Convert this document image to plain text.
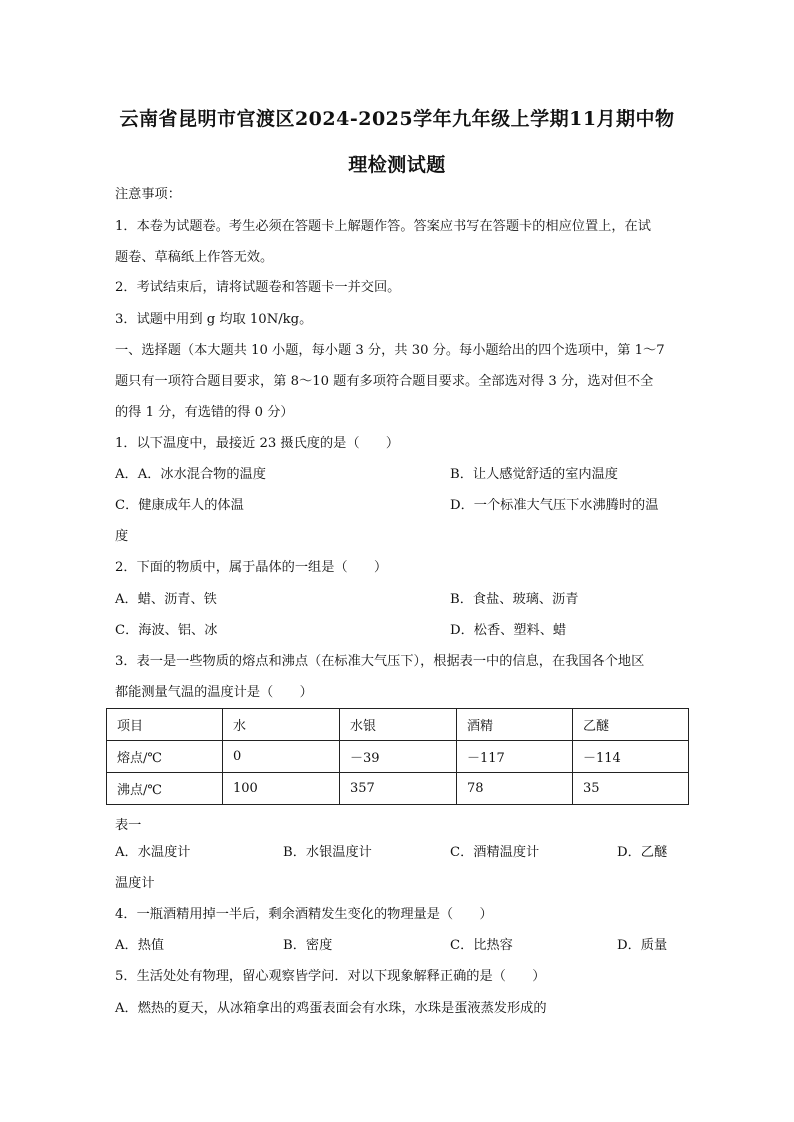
云南省昆明市官渡区2024-2025学年九年级上学期11月期中物
理检测试题
注意事项：
1．本卷为试题卷。考生必须在答题卡上解题作答。答案应书写在答题卡的相应位置上，在试
题卷、草稿纸上作答无效。
2．考试结束后，请将试题卷和答题卡一并交回。
3．试题中用到 g 均取 10N/kg。
一、选择题（本大题共 10 小题，每小题 3 分，共 30 分。每小题给出的四个选项中，第 1～7
题只有一项符合题目要求，第 8～10 题有多项符合题目要求。全部选对得 3 分，选对但不全
的得 1 分，有选错的得 0 分）
1．以下温度中，最接近 23 摄氏度的是（　　）
A．A．冰水混合物的温度	B．让人感觉舒适的室内温度
C．健康成年人的体温	D．一个标准大气压下水沸腾时的温
度
2．下面的物质中，属于晶体的一组是（　　）
A．蜡、沥青、铁	B．食盐、玻璃、沥青
C．海波、铝、冰	D．松香、塑料、蜡
3．表一是一些物质的熔点和沸点（在标准大气压下），根据表一中的信息，在我国各个地区
都能测量气温的温度计是（　　）
项目	水	水银	酒精	乙醚
熔点/℃	0	－39	－117	－114
沸点/℃	100	357	78	35
表一
A．水温度计	B．水银温度计	C．酒精温度计	D．乙醚
温度计
4．一瓶酒精用掉一半后，剩余酒精发生变化的物理量是（　　）
A．热值	B．密度	C．比热容	D．质量
5．生活处处有物理，留心观察皆学问．对以下现象解释正确的是（　　）
A．燃热的夏天，从冰箱拿出的鸡蛋表面会有水珠，水珠是蛋液蒸发形成的
